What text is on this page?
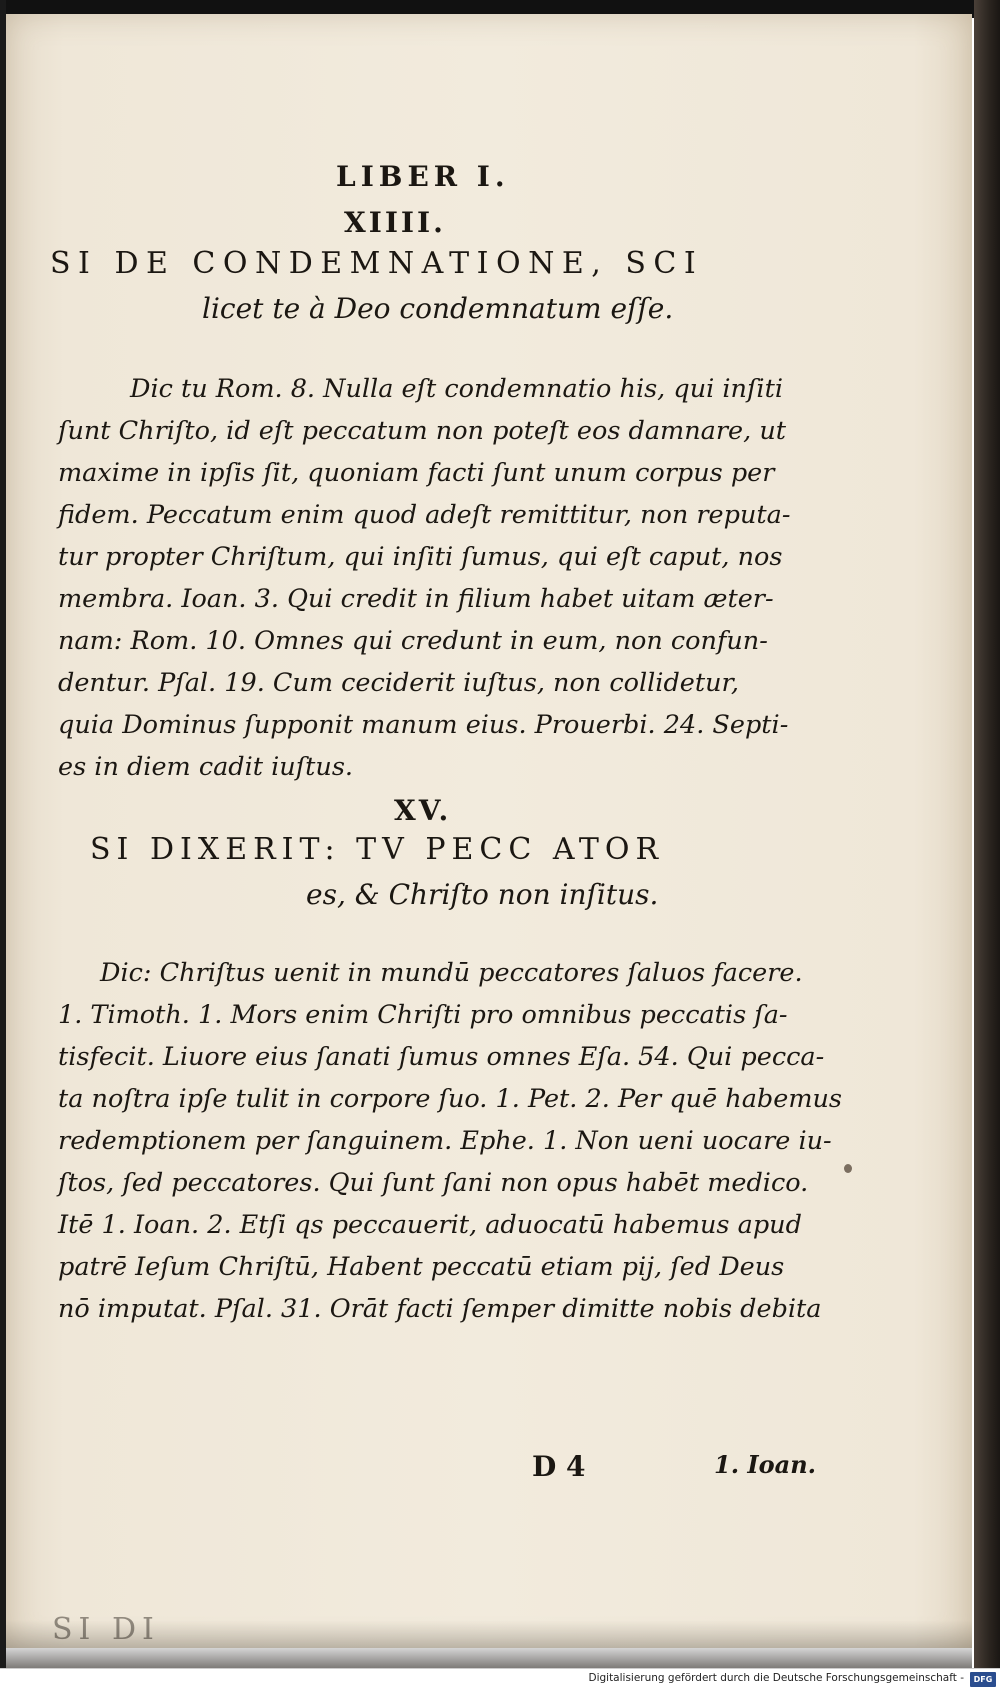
LIBER I.
XIIII.
SI DE CONDEMNATIONE, SCI
licet te à Deo condemnatum eſſe.
Dic tu Rom. 8. Nulla eſt condemnatio his, qui inſiti
ſunt Chriſto, id eſt peccatum non poteſt eos damnare, ut
maxime in ipſis ſit, quoniam facti ſunt unum corpus per
fidem. Peccatum enim quod adeſt remittitur, non reputa-
tur propter Chriſtum, qui inſiti ſumus, qui eſt caput, nos
membra. Ioan. 3. Qui credit in filium habet uitam æter-
nam: Rom. 10. Omnes qui credunt in eum, non confun-
dentur. Pſal. 19. Cum ceciderit iuſtus, non collidetur,
quia Dominus ſupponit manum eius. Prouerbi. 24. Septi-
es in diem cadit iuſtus.
XV.
SI DIXERIT: TV PECC ATOR
es, & Chriſto non inſitus.
Dic: Chriſtus uenit in mundū peccatores ſaluos facere.
1. Timoth. 1. Mors enim Chriſti pro omnibus peccatis ſa-
tisfecit. Liuore eius ſanati ſumus omnes Eſa. 54. Qui pecca-
ta noſtra ipſe tulit in corpore ſuo. 1. Pet. 2. Per quē habemus
redemptionem per ſanguinem. Ephe. 1. Non ueni uocare iu-
ſtos, ſed peccatores. Qui ſunt ſani non opus habēt medico.
Itē 1. Ioan. 2. Etſi qs peccauerit, aduocatū habemus apud
patrē Ieſum Chriſtū, Habent peccatū etiam pij, ſed Deus
nō imputat. Pſal. 31. Orāt facti ſemper dimitte nobis debita
D 4	1. Ioan.
Digitalisierung gefördert durch die Deutsche Forschungsgemeinschaft -	DFG
